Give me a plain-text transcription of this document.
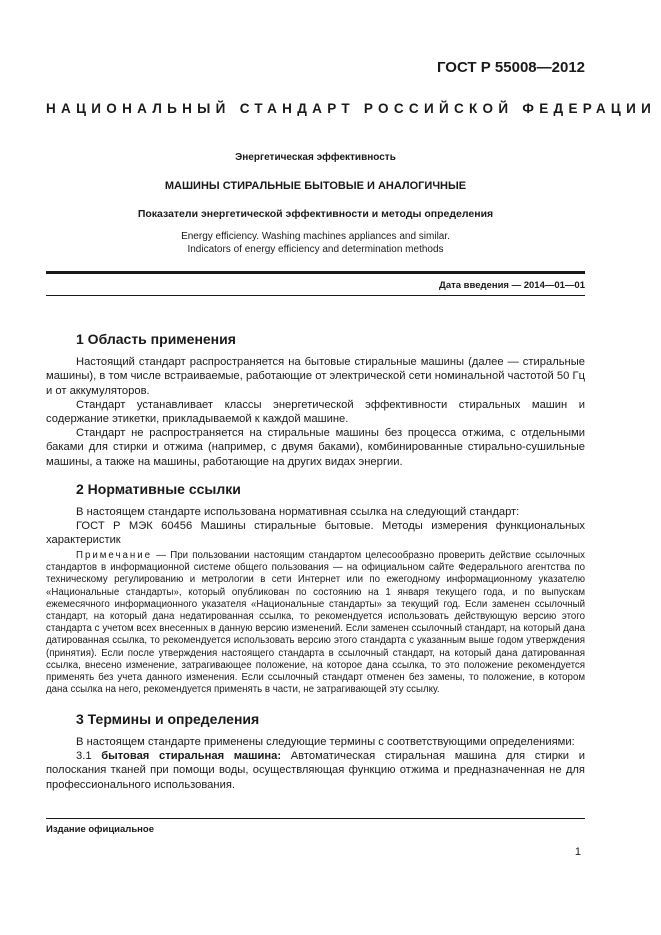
ГОСТ Р 55008—2012
НАЦИОНАЛЬНЫЙ СТАНДАРТ РОССИЙСКОЙ ФЕДЕРАЦИИ
Энергетическая эффективность
МАШИНЫ СТИРАЛЬНЫЕ БЫТОВЫЕ И АНАЛОГИЧНЫЕ
Показатели энергетической эффективности и методы определения
Energy efficiency. Washing machines appliances and similar.
Indicators of energy efficiency and determination methods
Дата введения — 2014—01—01
1 Область применения
Настоящий стандарт распространяется на бытовые стиральные машины (далее — стиральные машины), в том числе встраиваемые, работающие от электрической сети номинальной частотой 50 Гц и от аккумуляторов.
Стандарт устанавливает классы энергетической эффективности стиральных машин и содержание этикетки, прикладываемой к каждой машине.
Стандарт не распространяется на стиральные машины без процесса отжима, с отдельными баками для стирки и отжима (например, с двумя баками), комбинированные стирально-сушильные машины, а также на машины, работающие на других видах энергии.
2 Нормативные ссылки
В настоящем стандарте использована нормативная ссылка на следующий стандарт:
ГОСТ Р МЭК 60456 Машины стиральные бытовые. Методы измерения функциональных характеристик
Примечание — При пользовании настоящим стандартом целесообразно проверить действие ссылочных стандартов в информационной системе общего пользования — на официальном сайте Федерального агентства по техническому регулированию и метрологии в сети Интернет или по ежегодному информационному указателю «Национальные стандарты», который опубликован по состоянию на 1 января текущего года, и по выпускам ежемесячного информационного указателя «Национальные стандарты» за текущий год. Если заменен ссылочный стандарт, на который дана недатированная ссылка, то рекомендуется использовать действующую версию этого стандарта с учетом всех внесенных в данную версию изменений. Если заменен ссылочный стандарт, на который дана датированная ссылка, то рекомендуется использовать версию этого стандарта с указанным выше годом утверждения (принятия). Если после утверждения настоящего стандарта в ссылочный стандарт, на который дана датированная ссылка, внесено изменение, затрагивающее положение, на которое дана ссылка, то это положение рекомендуется применять без учета данного изменения. Если ссылочный стандарт отменен без замены, то положение, в котором дана ссылка на него, рекомендуется применять в части, не затрагивающей эту ссылку.
3 Термины и определения
В настоящем стандарте применены следующие термины с соответствующими определениями:
3.1 бытовая стиральная машина: Автоматическая стиральная машина для стирки и полоскания тканей при помощи воды, осуществляющая функцию отжима и предназначенная не для профессионального использования.
Издание официальное
1
